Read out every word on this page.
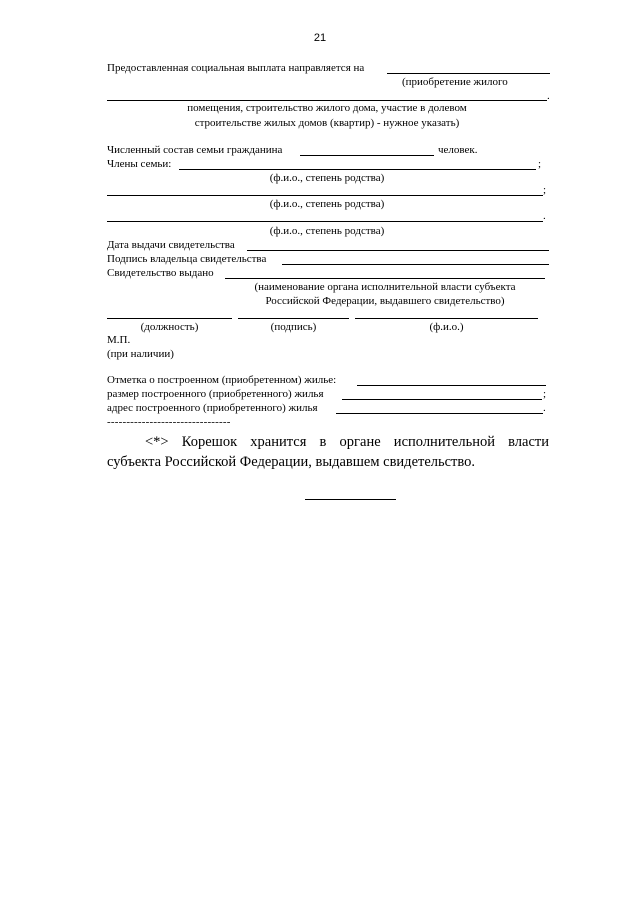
21
Предоставленная социальная выплата направляется на
(приобретение жилого
.
помещения, строительство жилого дома, участие в долевом
строительстве жилых домов (квартир) - нужное указать)
Численный состав семьи гражданина	человек.
Члены семьи:	;
(ф.и.о., степень родства)
;
(ф.и.о., степень родства)
.
(ф.и.о., степень родства)
Дата выдачи свидетельства
Подпись владельца свидетельства
Свидетельство выдано
(наименование органа исполнительной власти субъекта
Российской Федерации, выдавшего свидетельство)
(должность)	(подпись)	(ф.и.о.)
М.П.
(при наличии)
Отметка о построенном (приобретенном) жилье:
размер построенного (приобретенного) жилья	;
адрес построенного (приобретенного) жилья	.
--------------------------------
<*> Корешок хранится в органе исполнительной власти субъекта Российской Федерации, выдавшем свидетельство.
